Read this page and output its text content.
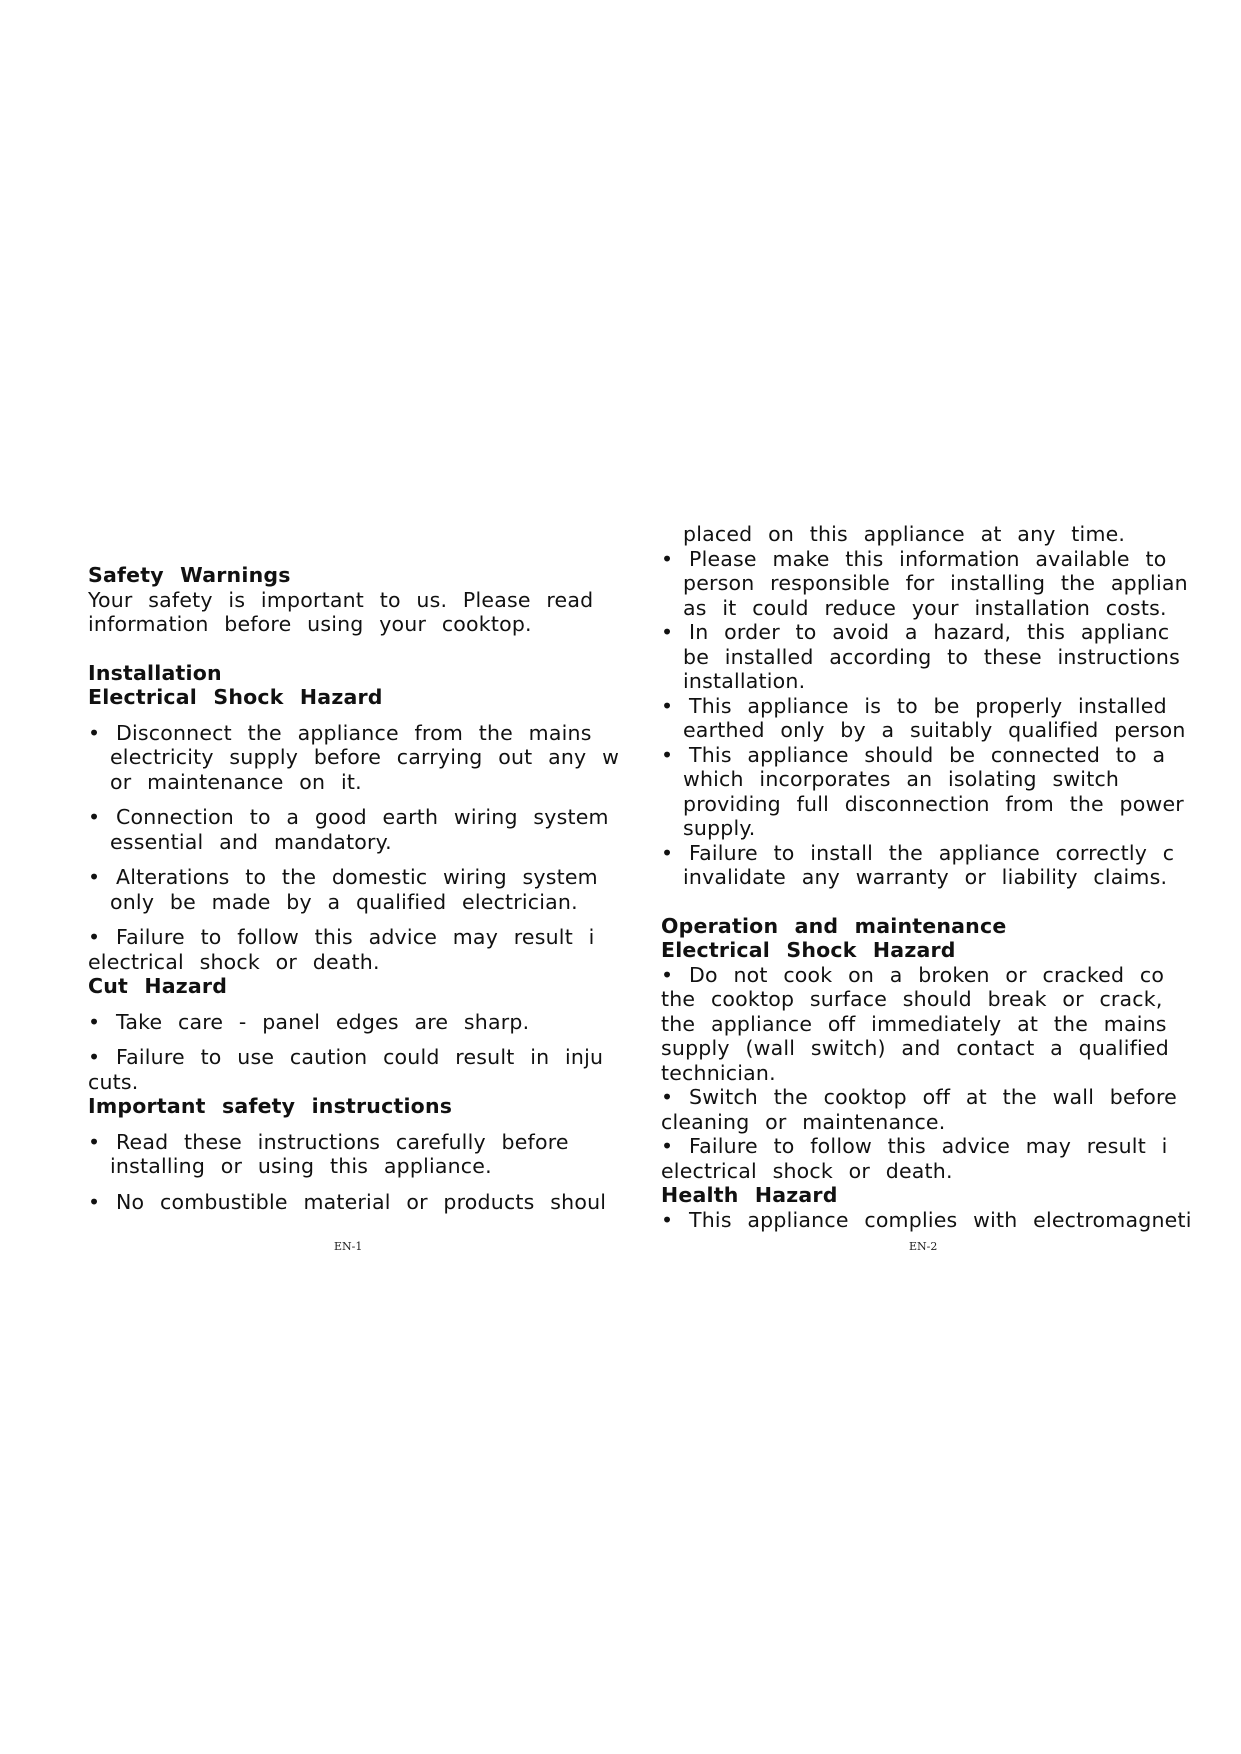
Safety Warnings
Your safety is important to us. Please read
information before using your cooktop.
Installation
Electrical Shock Hazard
• Disconnect the appliance from the mains
electricity supply before carrying out any w
or maintenance on it.
• Connection to a good earth wiring system
essential and mandatory.
• Alterations to the domestic wiring system
only be made by a qualified electrician.
• Failure to follow this advice may result i
electrical shock or death.
Cut Hazard
• Take care - panel edges are sharp.
• Failure to use caution could result in inju
cuts.
Important safety instructions
• Read these instructions carefully before
installing or using this appliance.
• No combustible material or products shoul
placed on this appliance at any time.
• Please make this information available to
person responsible for installing the applian
as it could reduce your installation costs.
• In order to avoid a hazard, this applianc
be installed according to these instructions
installation.
• This appliance is to be properly installed
earthed only by a suitably qualified person
• This appliance should be connected to a
which incorporates an isolating switch
providing full disconnection from the power
supply.
• Failure to install the appliance correctly c
invalidate any warranty or liability claims.
Operation and maintenance
Electrical Shock Hazard
• Do not cook on a broken or cracked co
the cooktop surface should break or crack,
the appliance off immediately at the mains
supply (wall switch) and contact a qualified
technician.
• Switch the cooktop off at the wall before
cleaning or maintenance.
• Failure to follow this advice may result i
electrical shock or death.
Health Hazard
• This appliance complies with electromagneti
EN-1	EN-2
